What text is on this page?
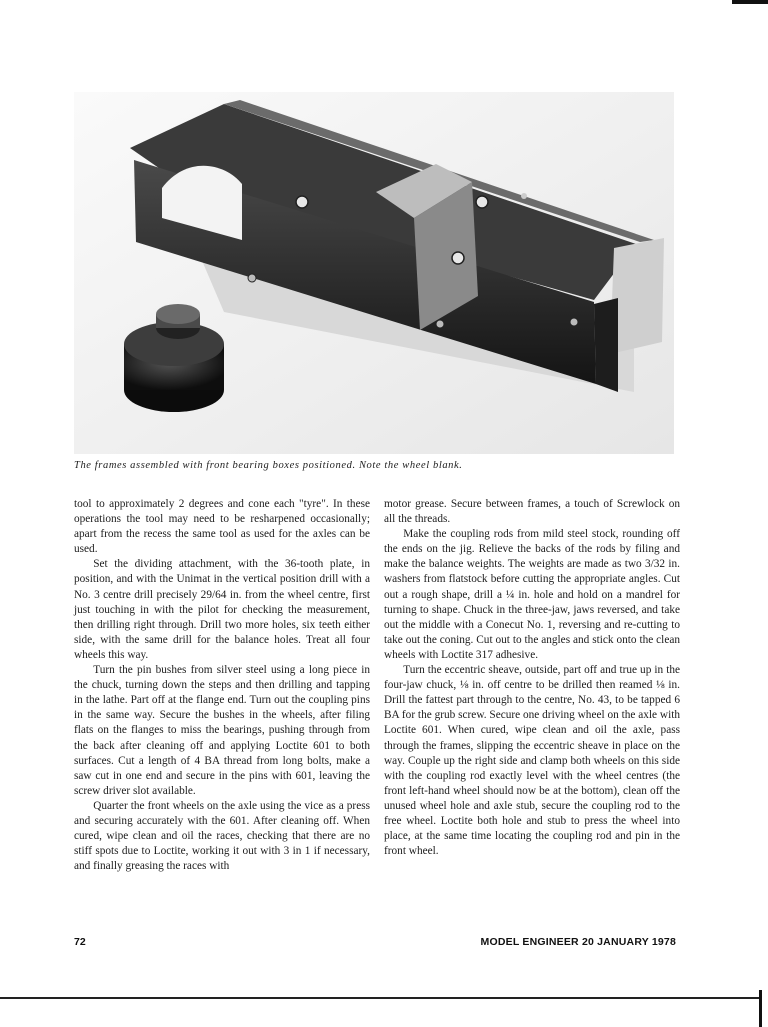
The frames assembled with front bearing boxes positioned. Note the wheel blank.

tool to approximately 2 degrees and cone each "tyre". In these operations the tool may need to be resharpened occasionally; apart from the recess the same tool as used for the axles can be used.

Set the dividing attachment, with the 36-tooth plate, in position, and with the Unimat in the vertical position drill with a No. 3 centre drill precisely 29/64 in. from the wheel centre, first just touching in with the pilot for checking the measurement, then drilling right through. Drill two more holes, six teeth either side, with the same drill for the balance holes. Treat all four wheels this way.

Turn the pin bushes from silver steel using a long piece in the chuck, turning down the steps and then drilling and tapping in the lathe. Part off at the flange end. Turn out the coupling pins in the same way. Secure the bushes in the wheels, after filing flats on the flanges to miss the bearings, pushing through from the back after cleaning off and applying Loctite 601 to both surfaces. Cut a length of 4 BA thread from long bolts, make a saw cut in one end and secure in the pins with 601, leaving the screw driver slot available.

Quarter the front wheels on the axle using the vice as a press and securing accurately with the 601. After cleaning off. When cured, wipe clean and oil the races, checking that there are no stiff spots due to Loctite, working it out with 3 in 1 if necessary, and finally greasing the races with

motor grease. Secure between frames, a touch of Screwlock on all the threads.

Make the coupling rods from mild steel stock, rounding off the ends on the jig. Relieve the backs of the rods by filing and make the balance weights. The weights are made as two 3/32 in. washers from flatstock before cutting the appropriate angles. Cut out a rough shape, drill a ¼ in. hole and hold on a mandrel for turning to shape. Chuck in the three-jaw, jaws reversed, and take out the middle with a Conecut No. 1, reversing and re-cutting to take out the coning. Cut out to the angles and stick onto the clean wheels with Loctite 317 adhesive.

Turn the eccentric sheave, outside, part off and true up in the four-jaw chuck, ⅛ in. off centre to be drilled then reamed ⅛ in. Drill the fattest part through to the centre, No. 43, to be tapped 6 BA for the grub screw. Secure one driving wheel on the axle with Loctite 601. When cured, wipe clean and oil the axle, pass through the frames, slipping the eccentric sheave in place on the way. Couple up the right side and clamp both wheels on this side with the coupling rod exactly level with the wheel centres (the front left-hand wheel should now be at the bottom), clean off the unused wheel hole and axle stub, secure the coupling rod to the free wheel. Loctite both hole and stub to press the wheel into place, at the same time locating the coupling rod and pin in the front wheel.

72	MODEL ENGINEER 20 JANUARY 1978
